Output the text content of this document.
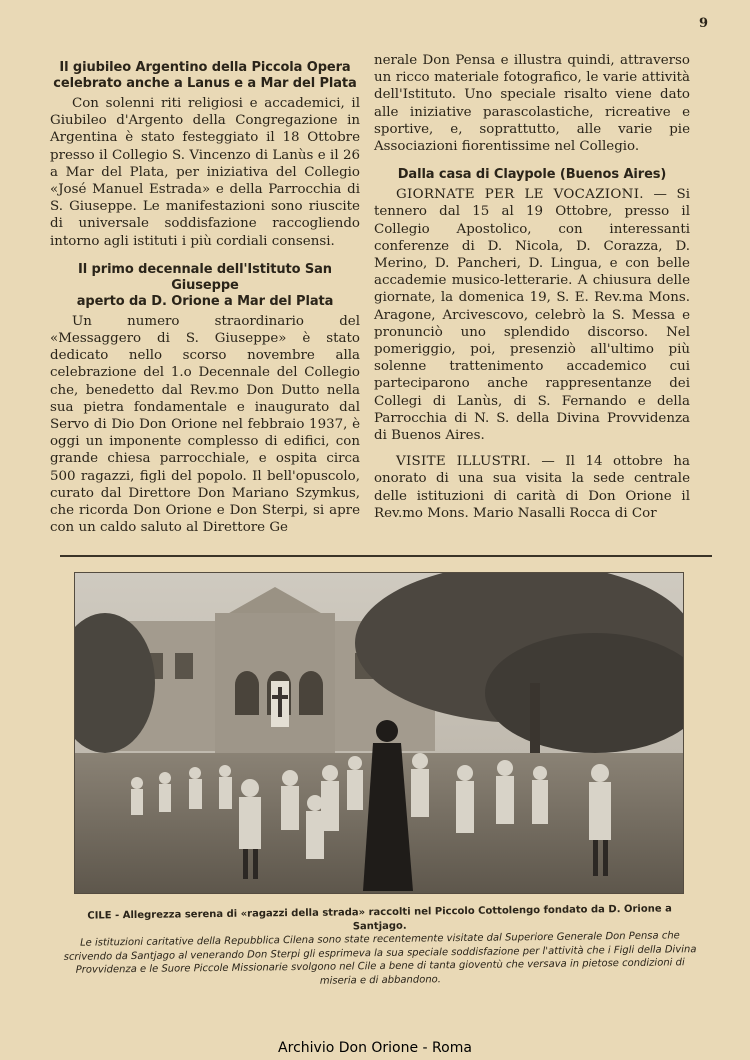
9
Il giubileo Argentino della Piccola Opera
celebrato anche a Lanus e a Mar del Plata

Con solenni riti religiosi e accademici, il Giubileo d'Argento della Congregazione in Argentina è stato festeggiato il 18 Ottobre presso il Collegio S. Vincenzo di Lanùs e il 26 a Mar del Plata, per iniziativa del Collegio «José Manuel Estrada» e della Parrocchia di S. Giuseppe. Le manifestazioni sono riuscite di universale soddisfazione raccogliendo intorno agli istituti i più cordiali consensi.

Il primo decennale dell'Istituto San Giuseppe
aperto da D. Orione a Mar del Plata

Un numero straordinario del «Messaggero di S. Giuseppe» è stato dedicato nello scorso novembre alla celebrazione del 1.o Decennale del Collegio che, benedetto dal Rev.mo Don Dutto nella sua pietra fondamentale e inaugurato dal Servo di Dio Don Orione nel febbraio 1937, è oggi un imponente complesso di edifici, con grande chiesa parrocchiale, e ospita circa 500 ragazzi, figli del popolo. Il bell'opuscolo, curato dal Direttore Don Mariano Szymkus, che ricorda Don Orione e Don Sterpi, si apre con un caldo saluto al Direttore Ge

nerale Don Pensa e illustra quindi, attraverso un ricco materiale fotografico, le varie attività dell'Istituto. Uno speciale risalto viene dato alle iniziative parascolastiche, ricreative e sportive, e, soprattutto, alle varie pie Associazioni fiorentissime nel Collegio.

Dalla casa di Claypole (Buenos Aires)

GIORNATE PER LE VOCAZIONI. — Si tennero dal 15 al 19 Ottobre, presso il Collegio Apostolico, con interessanti conferenze di D. Nicola, D. Corazza, D. Merino, D. Pancheri, D. Lingua, e con belle accademie musico-letterarie. A chiusura delle giornate, la domenica 19, S. E. Rev.ma Mons. Aragone, Arcivescovo, celebrò la S. Messa e pronunciò uno splendido discorso. Nel pomeriggio, poi, presenziò all'ultimo più solenne trattenimento accademico cui parteciparono anche rappresentanze dei Collegi di Lanùs, di S. Fernando e della Parrocchia di N. S. della Divina Provvidenza di Buenos Aires.

VISITE ILLUSTRI. — Il 14 ottobre ha onorato di una sua visita la sede centrale delle istituzioni di carità di Don Orione il Rev.mo Mons. Mario Nasalli Rocca di Cor

CILE - Allegrezza serena di «ragazzi della strada» raccolti nel Piccolo Cottolengo fondato da D. Orione a Santjago.
Le istituzioni caritative della Repubblica Cilena sono state recentemente visitate dal Superiore Generale Don Pensa che scrivendo da Santjago al venerando Don Sterpi gli esprimeva la sua speciale soddisfazione per l'attività che i Figli della Divina Provvidenza e le Suore Piccole Missionarie svolgono nel Cile a bene di tanta gioventù che versava in pietose condizioni di miseria e di abbandono.
Archivio Don Orione - Roma
